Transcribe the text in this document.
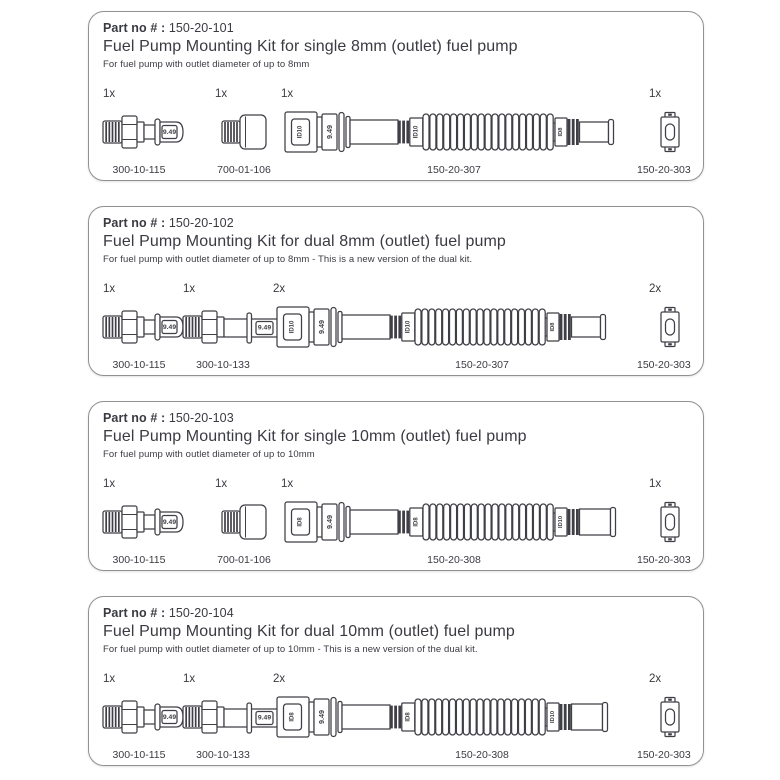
Part no # : 150-20-101
Fuel Pump Mounting Kit for single 8mm (outlet) fuel pump
For fuel pump with outlet diameter of up to 8mm
1x
9.49
300-10-115
1x
700-01-106
1x
ID10	9.49	ID10	ID8
150-20-307
1x
150-20-303
Part no # : 150-20-102
Fuel Pump Mounting Kit for dual 8mm (outlet) fuel pump
For fuel pump with outlet diameter of up to 8mm - This is a new version of the dual kit.
1x
9.49
300-10-115
1x
9.49
300-10-133
2x
ID10	9.49	ID10	ID8
150-20-307
2x
150-20-303
Part no # : 150-20-103
Fuel Pump Mounting Kit for single 10mm (outlet) fuel pump
For fuel pump with outlet diameter of up to 10mm
1x
9.49
300-10-115
1x
700-01-106
1x
ID8	9.49	ID8	ID10
150-20-308
1x
150-20-303
Part no # : 150-20-104
Fuel Pump Mounting Kit for dual 10mm (outlet) fuel pump
For fuel pump with outlet diameter of up to 10mm - This is a new version of the dual kit.
1x
9.49
300-10-115
1x
9.49
300-10-133
2x
ID8	9.49	ID8	ID10
150-20-308
2x
150-20-303
